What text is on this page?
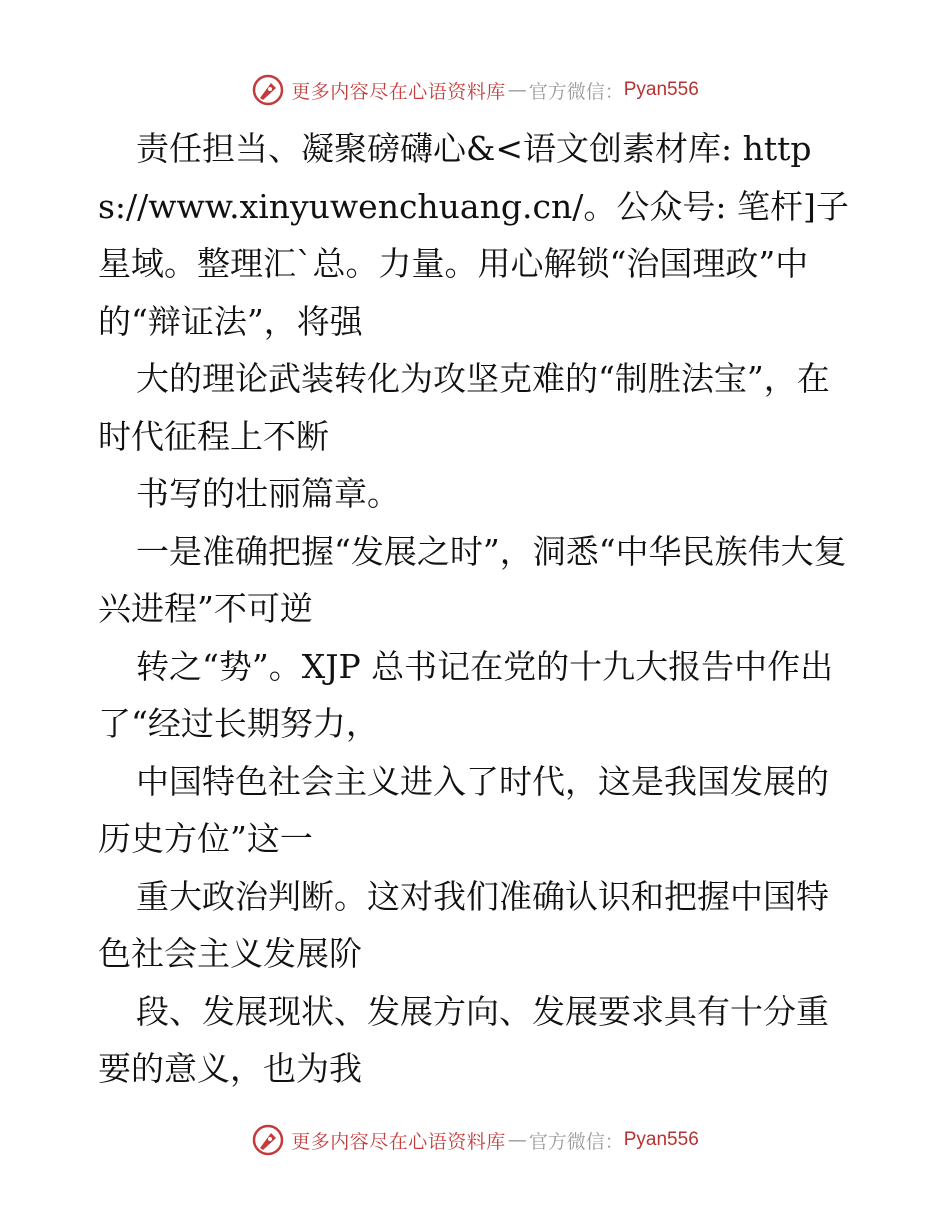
更多内容尽在心语资料库 — 官方微信： Pyan556

责任担当、凝聚磅礴心&<语文创素材库: https://www.xinyuwenchuang.cn/。公众号: 笔杆]子星域。整理汇`总。力量。用心解锁“治国理政”中的“辩证法”，将强

大的理论武装转化为攻坚克难的“制胜法宝”，在时代征程上不断

书写的壮丽篇章。

一是准确把握“发展之时”，洞悉“中华民族伟大复兴进程”不可逆

转之“势”。XJP 总书记在党的十九大报告中作出了“经过长期努力，

中国特色社会主义进入了时代，这是我国发展的历史方位”这一

重大政治判断。这对我们准确认识和把握中国特色社会主义发展阶

段、发展现状、发展方向、发展要求具有十分重要的意义，也为我

更多内容尽在心语资料库 — 官方微信： Pyan556
